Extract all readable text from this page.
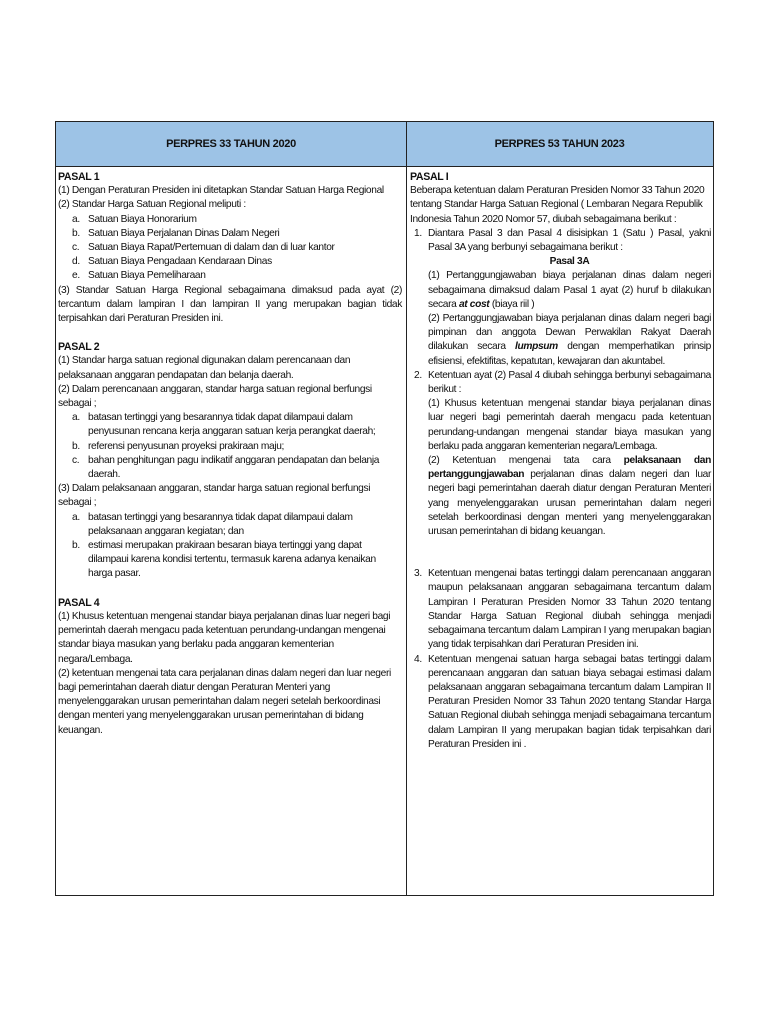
PERPRES 33 TAHUN 2020	PERPRES 53 TAHUN 2023
PASAL 1
(1) Dengan Peraturan Presiden ini ditetapkan Standar Satuan Harga Regional
(2) Standar Harga Satuan Regional meliputi :
a. Satuan Biaya Honorarium
b. Satuan Biaya Perjalanan Dinas Dalam Negeri
c. Satuan Biaya Rapat/Pertemuan di dalam dan di luar kantor
d. Satuan Biaya Pengadaan Kendaraan Dinas
e. Satuan Biaya Pemeliharaan
(3) Standar Satuan Harga Regional sebagaimana dimaksud pada ayat (2) tercantum dalam lampiran I dan lampiran II yang merupakan bagian tidak terpisahkan dari Peraturan Presiden ini.
PASAL 2
(1) Standar harga satuan regional digunakan dalam perencanaan dan pelaksanaan anggaran pendapatan dan belanja daerah.
(2) Dalam perencanaan anggaran, standar harga satuan regional berfungsi sebagai ;
a. batasan tertinggi yang besarannya tidak dapat dilampaui dalam penyusunan rencana kerja anggaran satuan kerja perangkat daerah;
b. referensi penyusunan proyeksi prakiraan maju;
c. bahan penghitungan pagu indikatif anggaran pendapatan dan belanja daerah.
(3) Dalam pelaksanaan anggaran, standar harga satuan regional berfungsi sebagai ;
a. batasan tertinggi yang besarannya tidak dapat dilampaui dalam pelaksanaan anggaran kegiatan; dan
b. estimasi merupakan prakiraan besaran biaya tertinggi yang dapat dilampaui karena kondisi tertentu, termasuk karena adanya kenaikan harga pasar.
PASAL 4
(1) Khusus ketentuan mengenai standar biaya perjalanan dinas luar negeri bagi pemerintah daerah mengacu pada ketentuan perundang-undangan mengenai standar biaya masukan yang berlaku pada anggaran kementerian negara/Lembaga.
(2) ketentuan mengenai tata cara perjalanan dinas dalam negeri dan luar negeri bagi pemerintahan daerah diatur dengan Peraturan Menteri yang menyelenggarakan urusan pemerintahan dalam negeri setelah berkoordinasi dengan menteri yang menyelenggarakan urusan pemerintahan di bidang keuangan.
PASAL I
Beberapa ketentuan dalam Peraturan Presiden Nomor 33 Tahun 2020 tentang Standar Harga Satuan Regional ( Lembaran Negara Republik Indonesia Tahun 2020 Nomor 57, diubah sebagaimana berikut :
1. Diantara Pasal 3 dan Pasal 4 disisipkan 1 (Satu ) Pasal, yakni Pasal 3A yang berbunyi sebagaimana berikut :
Pasal 3A
(1) Pertanggungjawaban biaya perjalanan dinas dalam negeri sebagaimana dimaksud dalam Pasal 1 ayat (2) huruf b dilakukan secara at cost (biaya riil )
(2) Pertanggungjawaban biaya perjalanan dinas dalam negeri bagi pimpinan dan anggota Dewan Perwakilan Rakyat Daerah dilakukan secara lumpsum dengan memperhatikan prinsip efisiensi, efektifitas, kepatutan, kewajaran dan akuntabel.
2. Ketentuan ayat (2) Pasal 4 diubah sehingga berbunyi sebagaimana berikut :
(1) Khusus ketentuan mengenai standar biaya perjalanan dinas luar negeri bagi pemerintah daerah mengacu pada ketentuan perundang-undangan mengenai standar biaya masukan yang berlaku pada anggaran kementerian negara/Lembaga.
(2) Ketentuan mengenai tata cara pelaksanaan dan pertanggungjawaban perjalanan dinas dalam negeri dan luar negeri bagi pemerintahan daerah diatur dengan Peraturan Menteri yang menyelenggarakan urusan pemerintahan dalam negeri setelah berkoordinasi dengan menteri yang menyelenggarakan urusan pemerintahan di bidang keuangan.
3. Ketentuan mengenai batas tertinggi dalam perencanaan anggaran maupun pelaksanaan anggaran sebagaimana tercantum dalam Lampiran I Peraturan Presiden Nomor 33 Tahun 2020 tentang Standar Harga Satuan Regional diubah sehingga menjadi sebagaimana tercantum dalam Lampiran I yang merupakan bagian yang tidak terpisahkan dari Peraturan Presiden ini.
4. Ketentuan mengenai satuan harga sebagai batas tertinggi dalam perencanaan anggaran dan satuan biaya sebagai estimasi dalam pelaksanaan anggaran sebagaimana tercantum dalam Lampiran II Peraturan Presiden Nomor 33 Tahun 2020 tentang Standar Harga Satuan Regional diubah sehingga menjadi sebagaimana tercantum dalam Lampiran II yang merupakan bagian tidak terpisahkan dari Peraturan Presiden ini .
